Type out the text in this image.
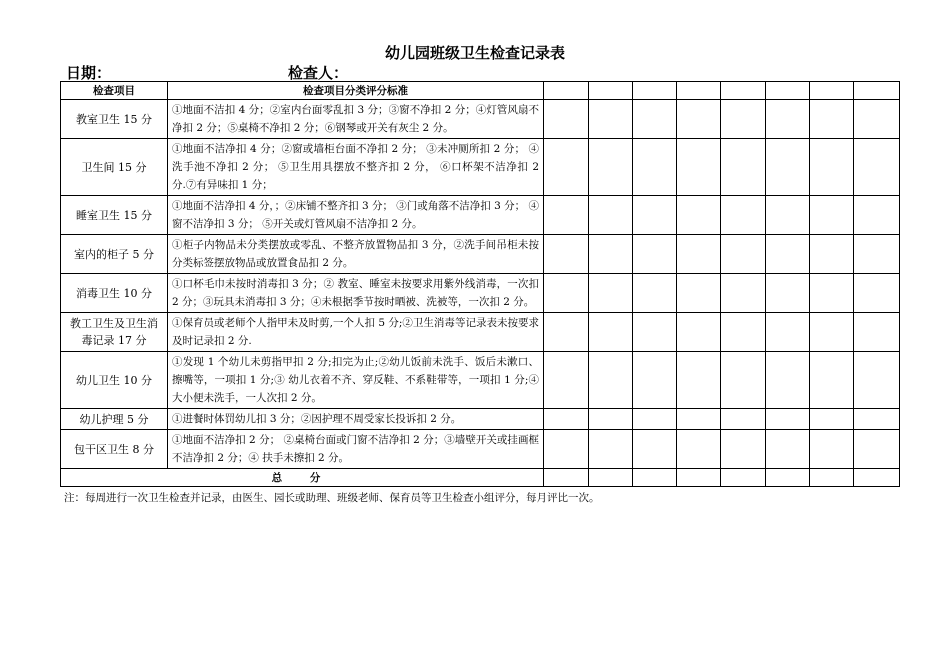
幼儿园班级卫生检查记录表
日期：	检查人：
检查项目	检查项目分类评分标准								
教室卫生 15 分	①地面不洁扣 4 分；②室内台面零乱扣 3 分；③窗不净扣 2 分；④灯管风扇不净扣 2 分；⑤桌椅不净扣 2 分；⑥钢琴或开关有灰尘 2 分。								
卫生间 15 分	①地面不洁净扣 4 分；②窗或墙柜台面不净扣 2 分； ③未冲厕所扣 2 分； ④洗手池不净扣 2 分； ⑤卫生用具摆放不整齐扣 2 分， ⑥口杯架不洁净扣 2 分.⑦有异味扣 1 分；								
睡室卫生 15 分	①地面不洁净扣 4 分，；②床铺不整齐扣 3 分； ③门或角落不洁净扣 3 分； ④窗不洁净扣 3 分； ⑤开关或灯管风扇不洁净扣 2 分。								
室内的柜子 5 分	①柜子内物品未分类摆放或零乱、不整齐放置物品扣 3 分，②洗手间吊柜未按分类标签摆放物品或放置食品扣 2 分。								
消毒卫生 10 分	①口杯毛巾未按时消毒扣 3 分；② 教室、睡室未按要求用紫外线消毒，一次扣 2 分；③玩具未消毒扣 3 分；④未根据季节按时晒被、洗被等，一次扣 2 分。								
教工卫生及卫生消毒记录 17 分	①保育员或老师个人指甲未及时剪,一个人扣 5 分;②卫生消毒等记录表未按要求及时记录扣 2 分.								
幼儿卫生 10 分	①发现 1 个幼儿未剪指甲扣 2 分;扣完为止;②幼儿饭前未洗手、饭后未漱口、擦嘴等，一项扣 1 分;③ 幼儿衣着不齐、穿反鞋、不系鞋带等，一项扣 1 分;④ 大小便未洗手，一人次扣 2 分。								
幼儿护理 5 分	①进餐时体罚幼儿扣 3 分；②因护理不周受家长投诉扣 2 分。								
包干区卫生 8 分	①地面不洁净扣 2 分； ②桌椅台面或门窗不洁净扣 2 分；③墙壁开关或挂画框不洁净扣 2 分；④ 扶手未擦扣 2 分。								
总 分									
注：每周进行一次卫生检查并记录，由医生、园长或助理、班级老师、保育员等卫生检查小组评分，每月评比一次。
